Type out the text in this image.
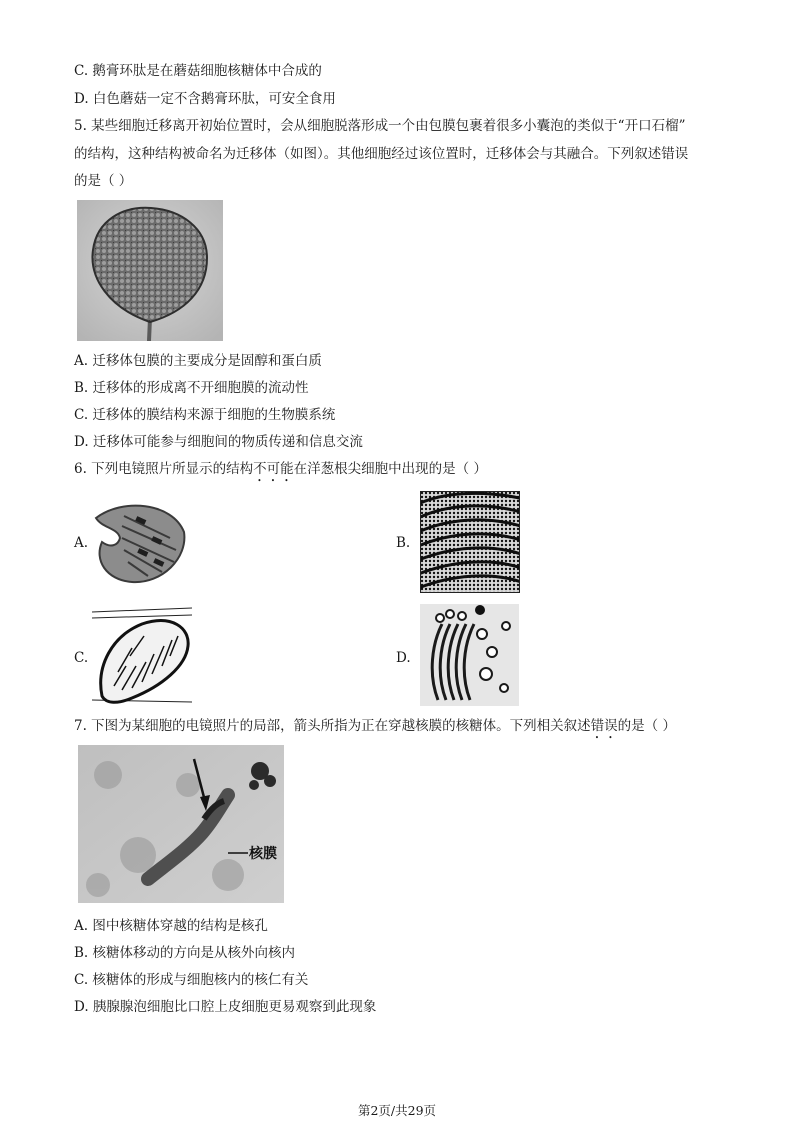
C. 鹅膏环肽是在蘑菇细胞核糖体中合成的
D. 白色蘑菇一定不含鹅膏环肽，可安全食用
5. 某些细胞迁移离开初始位置时，会从细胞脱落形成一个由包膜包裹着很多小囊泡的类似于“开口石榴”
的结构，这种结构被命名为迁移体（如图）。其他细胞经过该位置时，迁移体会与其融合。下列叙述错误
的是（ ）
A. 迁移体包膜的主要成分是固醇和蛋白质
B. 迁移体的形成离不开细胞膜的流动性
C. 迁移体的膜结构来源于细胞的生物膜系统
D. 迁移体可能参与细胞间的物质传递和信息交流
6. 下列电镜照片所显示的结构不可能在洋葱根尖细胞中出现的是（ ）
A.	B.
C.	D.
7. 下图为某细胞的电镜照片的局部，箭头所指为正在穿越核膜的核糖体。下列相关叙述错误的是（ ）
核膜
A. 图中核糖体穿越的结构是核孔
B. 核糖体移动的方向是从核外向核内
C. 核糖体的形成与细胞核内的核仁有关
D. 胰腺腺泡细胞比口腔上皮细胞更易观察到此现象
第2页/共29页
